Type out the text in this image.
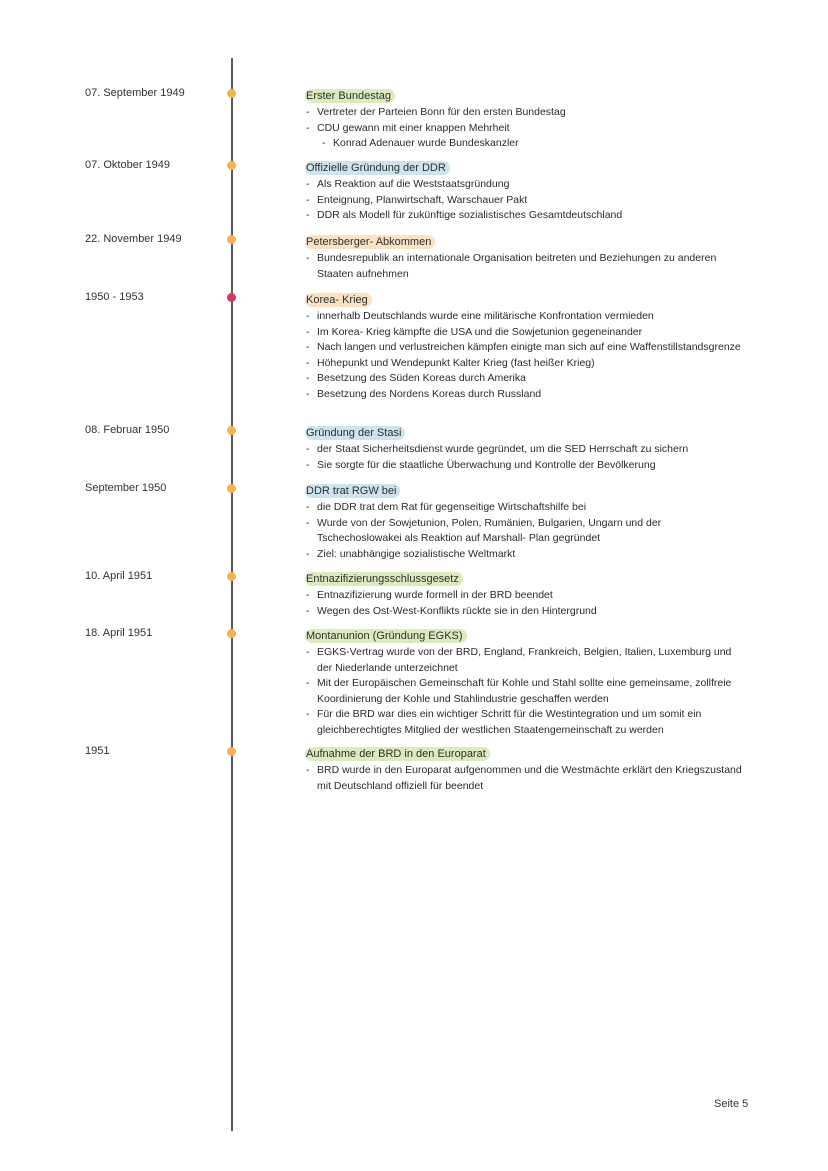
07. September 1949	Erster Bundestag
- Vertreter der Parteien Bonn für den ersten Bundestag
- CDU gewann mit einer knappen Mehrheit
- Konrad Adenauer wurde Bundeskanzler
07. Oktober 1949	Offizielle Gründung der DDR
- Als Reaktion auf die Weststaatsgründung
- Enteignung, Planwirtschaft, Warschauer Pakt
- DDR als Modell für zukünftige sozialistisches Gesamtdeutschland
22. November 1949	Petersberger- Abkommen
- Bundesrepublik an internationale Organisation beitreten und Beziehungen zu anderen Staaten aufnehmen
1950 - 1953	Korea- Krieg
- innerhalb Deutschlands wurde eine militärische Konfrontation vermieden
- Im Korea- Krieg kämpfte die USA und die Sowjetunion gegeneinander
- Nach langen und verlustreichen kämpfen einigte man sich auf eine Waffenstillstandsgrenze
- Höhepunkt und Wendepunkt Kalter Krieg (fast heißer Krieg)
- Besetzung des Süden Koreas durch Amerika
- Besetzung des Nordens Koreas durch Russland
08. Februar 1950	Gründung der Stasi
- der Staat Sicherheitsdienst wurde gegründet, um die SED Herrschaft zu sichern
- Sie sorgte für die staatliche Überwachung und Kontrolle der Bevölkerung
September 1950	DDR trat RGW bei
- die DDR trat dem Rat für gegenseitige Wirtschaftshilfe bei
- Wurde von der Sowjetunion, Polen, Rumänien, Bulgarien, Ungarn und der Tschechoslowakei als Reaktion auf Marshall- Plan gegründet
- Ziel: unabhängige sozialistische Weltmarkt
10. April 1951	Entnazifizierungsschlussgesetz
- Entnazifizierung wurde formell in der BRD beendet
- Wegen des Ost-West-Konflikts rückte sie in den Hintergrund
18. April 1951	Montanunion (Gründung EGKS)
- EGKS-Vertrag wurde von der BRD, England, Frankreich, Belgien, Italien, Luxemburg und der Niederlande unterzeichnet
- Mit der Europäischen Gemeinschaft für Kohle und Stahl sollte eine gemeinsame, zollfreie Koordinierung der Kohle und Stahlindustrie geschaffen werden
- Für die BRD war dies ein wichtiger Schritt für die Westintegration und um somit ein gleichberechtigtes Mitglied der westlichen Staatengemeinschaft zu werden
1951	Aufnahme der BRD in den Europarat
- BRD wurde in den Europarat aufgenommen und die Westmächte erklärt den Kriegszustand mit Deutschland offiziell für beendet
Seite 5
